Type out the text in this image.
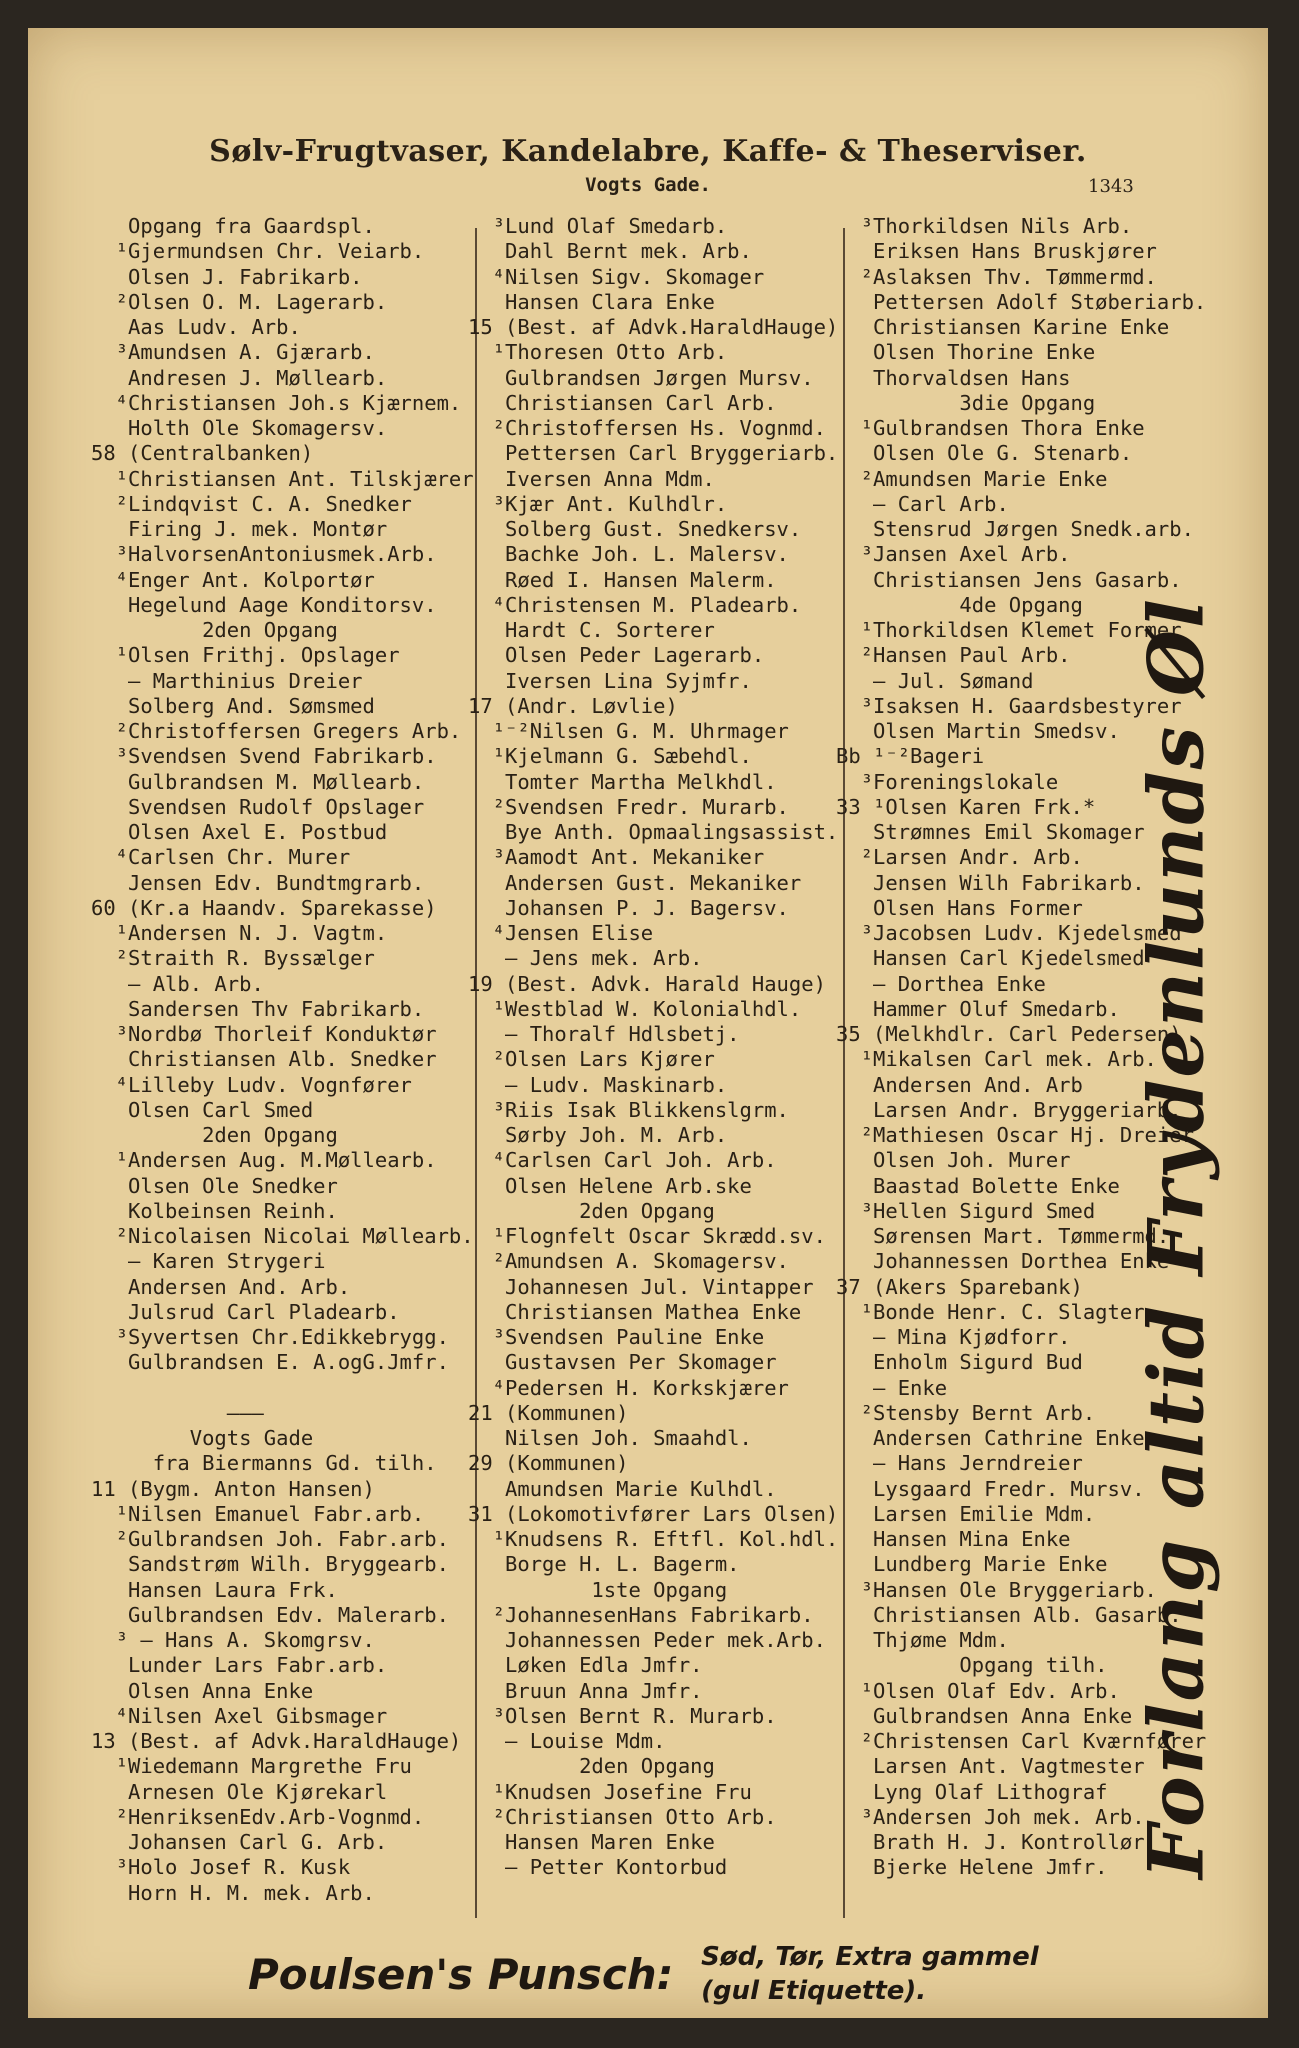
Sølv-Frugtvaser, Kandelabre, Kaffe- & Theserviser.
Vogts Gade.	1343
Opgang fra Gaardspl.
¹Gjermundsen Chr. Veiarb.
Olsen J. Fabrikarb.
²Olsen O. M. Lagerarb.
Aas Ludv. Arb.
³Amundsen A. Gjærarb.
Andresen J. Møllearb.
⁴Christiansen Joh.s Kjærnem.
Holth Ole Skomagersv.
58 (Centralbanken)
¹Christiansen Ant. Tilskjærer
²Lindqvist C. A. Snedker
Firing J. mek. Montør
³HalvorsenAntoniusmek.Arb.
⁴Enger Ant. Kolportør
Hegelund Aage Konditorsv.
2den Opgang
¹Olsen Frithj. Opslager
— Marthinius Dreier
Solberg And. Sømsmed
²Christoffersen Gregers Arb.
³Svendsen Svend Fabrikarb.
Gulbrandsen M. Møllearb.
Svendsen Rudolf Opslager
Olsen Axel E. Postbud
⁴Carlsen Chr. Murer
Jensen Edv. Bundtmgrarb.
60 (Kr.a Haandv. Sparekasse)
¹Andersen N. J. Vagtm.
²Straith R. Byssælger
— Alb. Arb.
Sandersen Thv Fabrikarb.
³Nordbø Thorleif Konduktør
Christiansen Alb. Snedker
⁴Lilleby Ludv. Vognfører
Olsen Carl Smed
2den Opgang
¹Andersen Aug. M.Møllearb.
Olsen Ole Snedker
Kolbeinsen Reinh.
²Nicolaisen Nicolai Møllearb.
— Karen Strygeri
Andersen And. Arb.
Julsrud Carl Pladearb.
³Syvertsen Chr.Edikkebrygg.
Gulbrandsen E. A.ogG.Jmfr.
———
Vogts Gade
fra Biermanns Gd. tilh.
11 (Bygm. Anton Hansen)
¹Nilsen Emanuel Fabr.arb.
²Gulbrandsen Joh. Fabr.arb.
Sandstrøm Wilh. Bryggearb.
Hansen Laura Frk.
Gulbrandsen Edv. Malerarb.
³ — Hans A. Skomgrsv.
Lunder Lars Fabr.arb.
Olsen Anna Enke
⁴Nilsen Axel Gibsmager
13 (Best. af Advk.HaraldHauge)
¹Wiedemann Margrethe Fru
Arnesen Ole Kjørekarl
²HenriksenEdv.Arb-Vognmd.
Johansen Carl G. Arb.
³Holo Josef R. Kusk
Horn H. M. mek. Arb.
³Lund Olaf Smedarb.
Dahl Bernt mek. Arb.
⁴Nilsen Sigv. Skomager
Hansen Clara Enke
15 (Best. af Advk.HaraldHauge)
¹Thoresen Otto Arb.
Gulbrandsen Jørgen Mursv.
Christiansen Carl Arb.
²Christoffersen Hs. Vognmd.
Pettersen Carl Bryggeriarb.
Iversen Anna Mdm.
³Kjær Ant. Kulhdlr.
Solberg Gust. Snedkersv.
Bachke Joh. L. Malersv.
Røed I. Hansen Malerm.
⁴Christensen M. Pladearb.
Hardt C. Sorterer
Olsen Peder Lagerarb.
Iversen Lina Syjmfr.
17 (Andr. Løvlie)
¹⁻²Nilsen G. M. Uhrmager
¹Kjelmann G. Sæbehdl.
Tomter Martha Melkhdl.
²Svendsen Fredr. Murarb.
Bye Anth. Opmaalingsassist.
³Aamodt Ant. Mekaniker
Andersen Gust. Mekaniker
Johansen P. J. Bagersv.
⁴Jensen Elise
— Jens mek. Arb.
19 (Best. Advk. Harald Hauge)
¹Westblad W. Kolonialhdl.
— Thoralf Hdlsbetj.
²Olsen Lars Kjører
— Ludv. Maskinarb.
³Riis Isak Blikkenslgrm.
Sørby Joh. M. Arb.
⁴Carlsen Carl Joh. Arb.
Olsen Helene Arb.ske
2den Opgang
¹Flognfelt Oscar Skrædd.sv.
²Amundsen A. Skomagersv.
Johannesen Jul. Vintapper
Christiansen Mathea Enke
³Svendsen Pauline Enke
Gustavsen Per Skomager
⁴Pedersen H. Korkskjærer
21 (Kommunen)
Nilsen Joh. Smaahdl.
29 (Kommunen)
Amundsen Marie Kulhdl.
31 (Lokomotivfører Lars Olsen)
¹Knudsens R. Eftfl. Kol.hdl.
Borge H. L. Bagerm.
1ste Opgang
²JohannesenHans Fabrikarb.
Johannessen Peder mek.Arb.
Løken Edla Jmfr.
Bruun Anna Jmfr.
³Olsen Bernt R. Murarb.
— Louise Mdm.
2den Opgang
¹Knudsen Josefine Fru
²Christiansen Otto Arb.
Hansen Maren Enke
— Petter Kontorbud
³Thorkildsen Nils Arb.
Eriksen Hans Bruskjører
²Aslaksen Thv. Tømmermd.
Pettersen Adolf Støberiarb.
Christiansen Karine Enke
Olsen Thorine Enke
Thorvaldsen Hans
3die Opgang
¹Gulbrandsen Thora Enke
Olsen Ole G. Stenarb.
²Amundsen Marie Enke
— Carl Arb.
Stensrud Jørgen Snedk.arb.
³Jansen Axel Arb.
Christiansen Jens Gasarb.
4de Opgang
¹Thorkildsen Klemet Former
²Hansen Paul Arb.
— Jul. Sømand
³Isaksen H. Gaardsbestyrer
Olsen Martin Smedsv.
Bb ¹⁻²Bageri
³Foreningslokale
33 ¹Olsen Karen Frk.*
Strømnes Emil Skomager
²Larsen Andr. Arb.
Jensen Wilh Fabrikarb.
Olsen Hans Former
³Jacobsen Ludv. Kjedelsmed
Hansen Carl Kjedelsmed
— Dorthea Enke
Hammer Oluf Smedarb.
35 (Melkhdlr. Carl Pedersen)
¹Mikalsen Carl mek. Arb.
Andersen And. Arb
Larsen Andr. Bryggeriarb.
²Mathiesen Oscar Hj. Dreier
Olsen Joh. Murer
Baastad Bolette Enke
³Hellen Sigurd Smed
Sørensen Mart. Tømmermd.
Johannessen Dorthea Enke
37 (Akers Sparebank)
¹Bonde Henr. C. Slagter
— Mina Kjødforr.
Enholm Sigurd Bud
— Enke
²Stensby Bernt Arb.
Andersen Cathrine Enke
— Hans Jerndreier
Lysgaard Fredr. Mursv.
Larsen Emilie Mdm.
Hansen Mina Enke
Lundberg Marie Enke
³Hansen Ole Bryggeriarb.
Christiansen Alb. Gasarb.
Thjøme Mdm.
Opgang tilh.
¹Olsen Olaf Edv. Arb.
Gulbrandsen Anna Enke
²Christensen Carl Kværnfører
Larsen Ant. Vagtmester
Lyng Olaf Lithograf
³Andersen Joh mek. Arb.
Brath H. J. Kontrollør
Bjerke Helene Jmfr. Forlang altid Frydenlunds Øl
Poulsen's Punsch: Sød, Tør, Extra gammel
(gul Etiquette).
